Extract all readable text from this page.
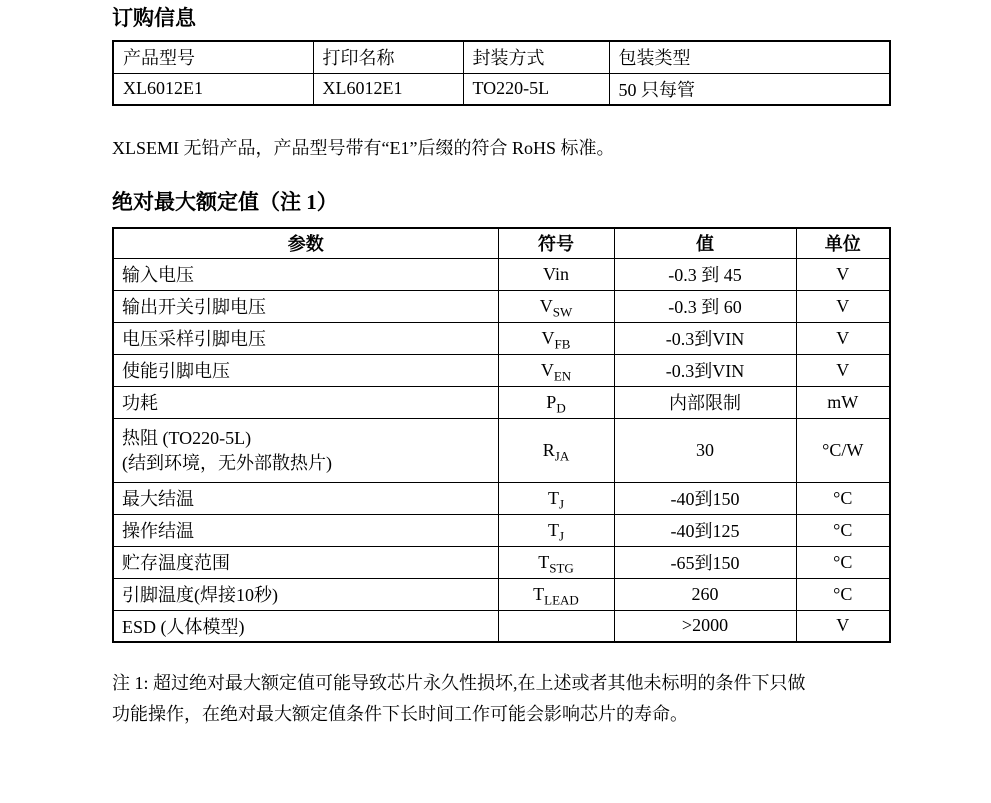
订购信息
产品型号	打印名称	封装方式	包装类型
XL6012E1	XL6012E1	TO220-5L	50 只每管
XLSEMI 无铅产品，产品型号带有“E1”后缀的符合 RoHS 标准。
绝对最大额定值（注 1）
参数	符号	值	单位

输入电压	Vin	-0.3 到 45	V

输出开关引脚电压	$V_{SW}$	-0.3 到 60	V

电压采样引脚电压	$V_{FB}$	-0.3到VIN	V

使能引脚电压	$V_{EN}$	-0.3到VIN	V

功耗	$P_D$	内部限制	mW

热阻 (TO220-5L)
(结到环境，无外部散热片)	$R_{JA}$	30	°C/W

最大结温	$T_J$	-40到150	°C

操作结温	$T_J$	-40到125	°C

贮存温度范围	$T_{STG}$	-65到150	°C

引脚温度(焊接10秒)	$T_{LEAD}$	260	°C

ESD (人体模型)		>2000	V
注 1: 超过绝对最大额定值可能导致芯片永久性损坏,在上述或者其他未标明的条件下只做
功能操作，在绝对最大额定值条件下长时间工作可能会影响芯片的寿命。
